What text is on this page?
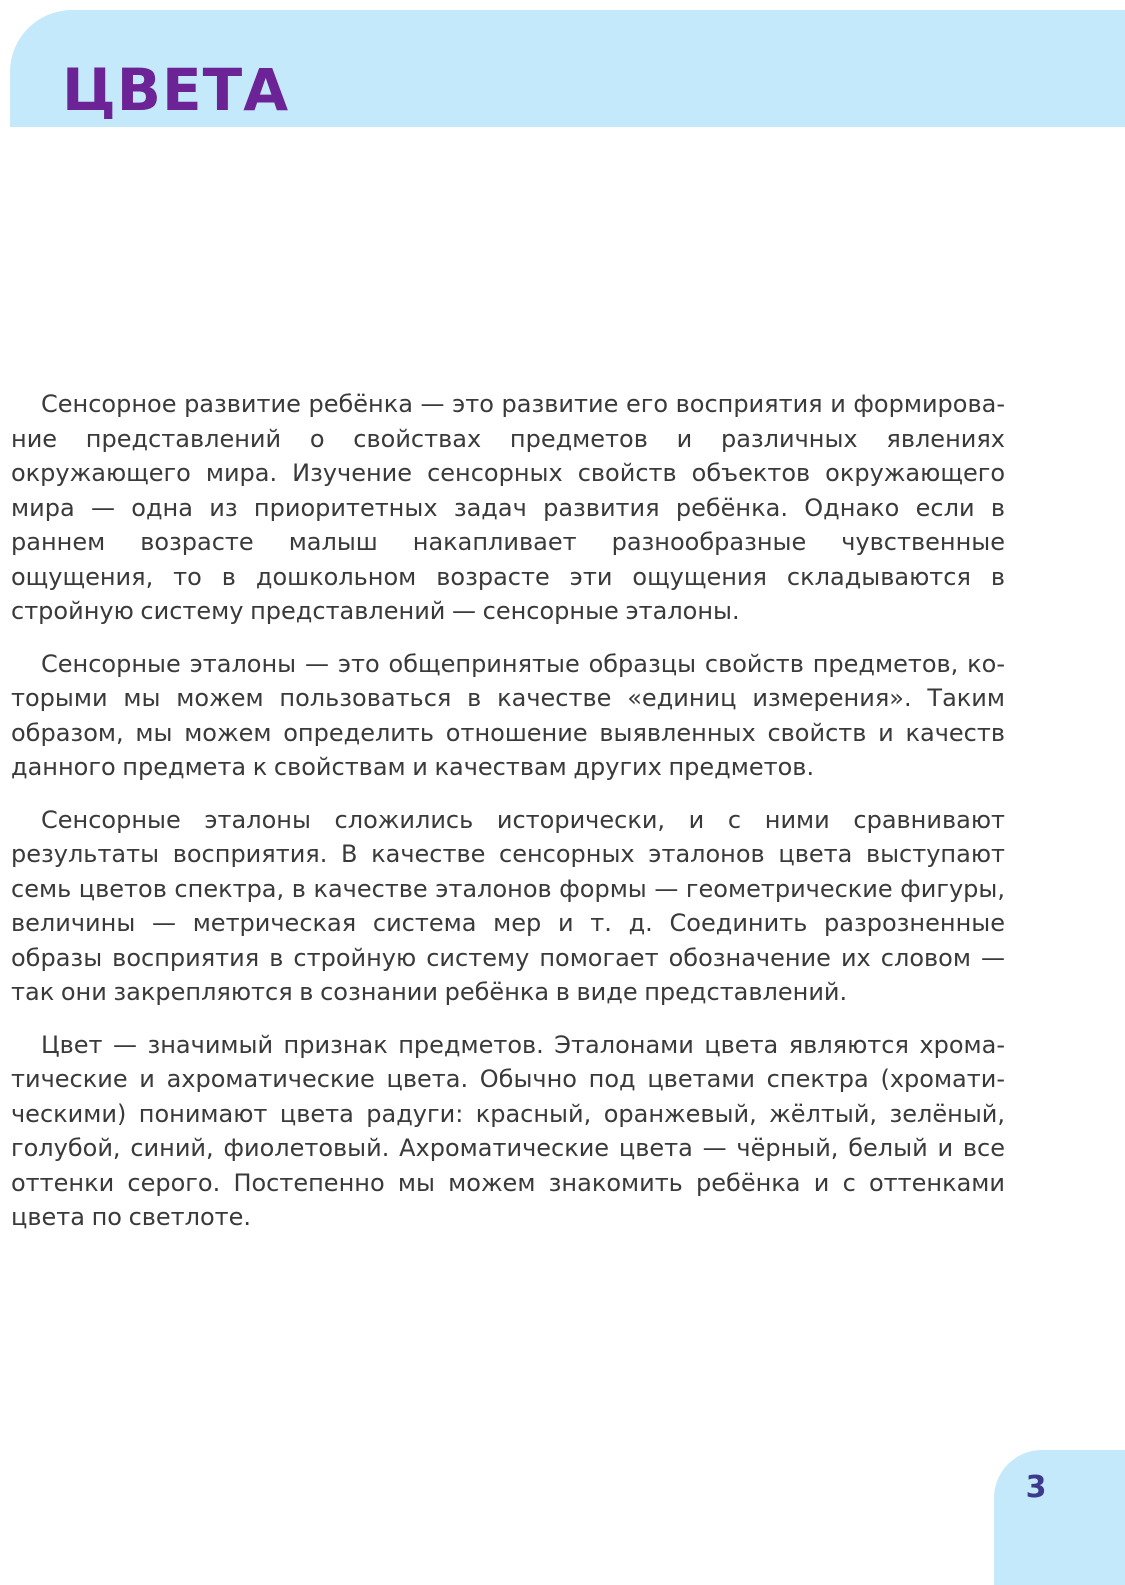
ЦВЕТА

Сенсорное развитие ребёнка — это развитие его восприятия и формирование представлений о свойствах предметов и различных явлениях окружающего мира. Изучение сенсорных свойств объектов окружающего мира — одна из приоритетных задач развития ребёнка. Однако если в раннем возрасте малыш накапливает разнообразные чувственные ощущения, то в дошкольном возрасте эти ощущения складываются в стройную систему представлений — сенсорные эталоны.

Сенсорные эталоны — это общепринятые образцы свойств предметов, которыми мы можем пользоваться в качестве «единиц измерения». Таким образом, мы можем определить отношение выявленных свойств и качеств данного предмета к свойствам и качествам других предметов.

Сенсорные эталоны сложились исторически, и с ними сравнивают результаты восприятия. В качестве сенсорных эталонов цвета выступают семь цветов спектра, в качестве эталонов формы — геометрические фигуры, величины — метрическая система мер и т. д. Соединить разрозненные образы восприятия в стройную систему помогает обозначение их словом — так они закрепляются в сознании ребёнка в виде представлений.

Цвет — значимый признак предметов. Эталонами цвета являются хроматические и ахроматические цвета. Обычно под цветами спектра (хроматическими) понимают цвета радуги: красный, оранжевый, жёлтый, зелёный, голубой, синий, фиолетовый. Ахроматические цвета — чёрный, белый и все оттенки серого. Постепенно мы можем знакомить ребёнка и с оттенками цвета по светлоте.

3
